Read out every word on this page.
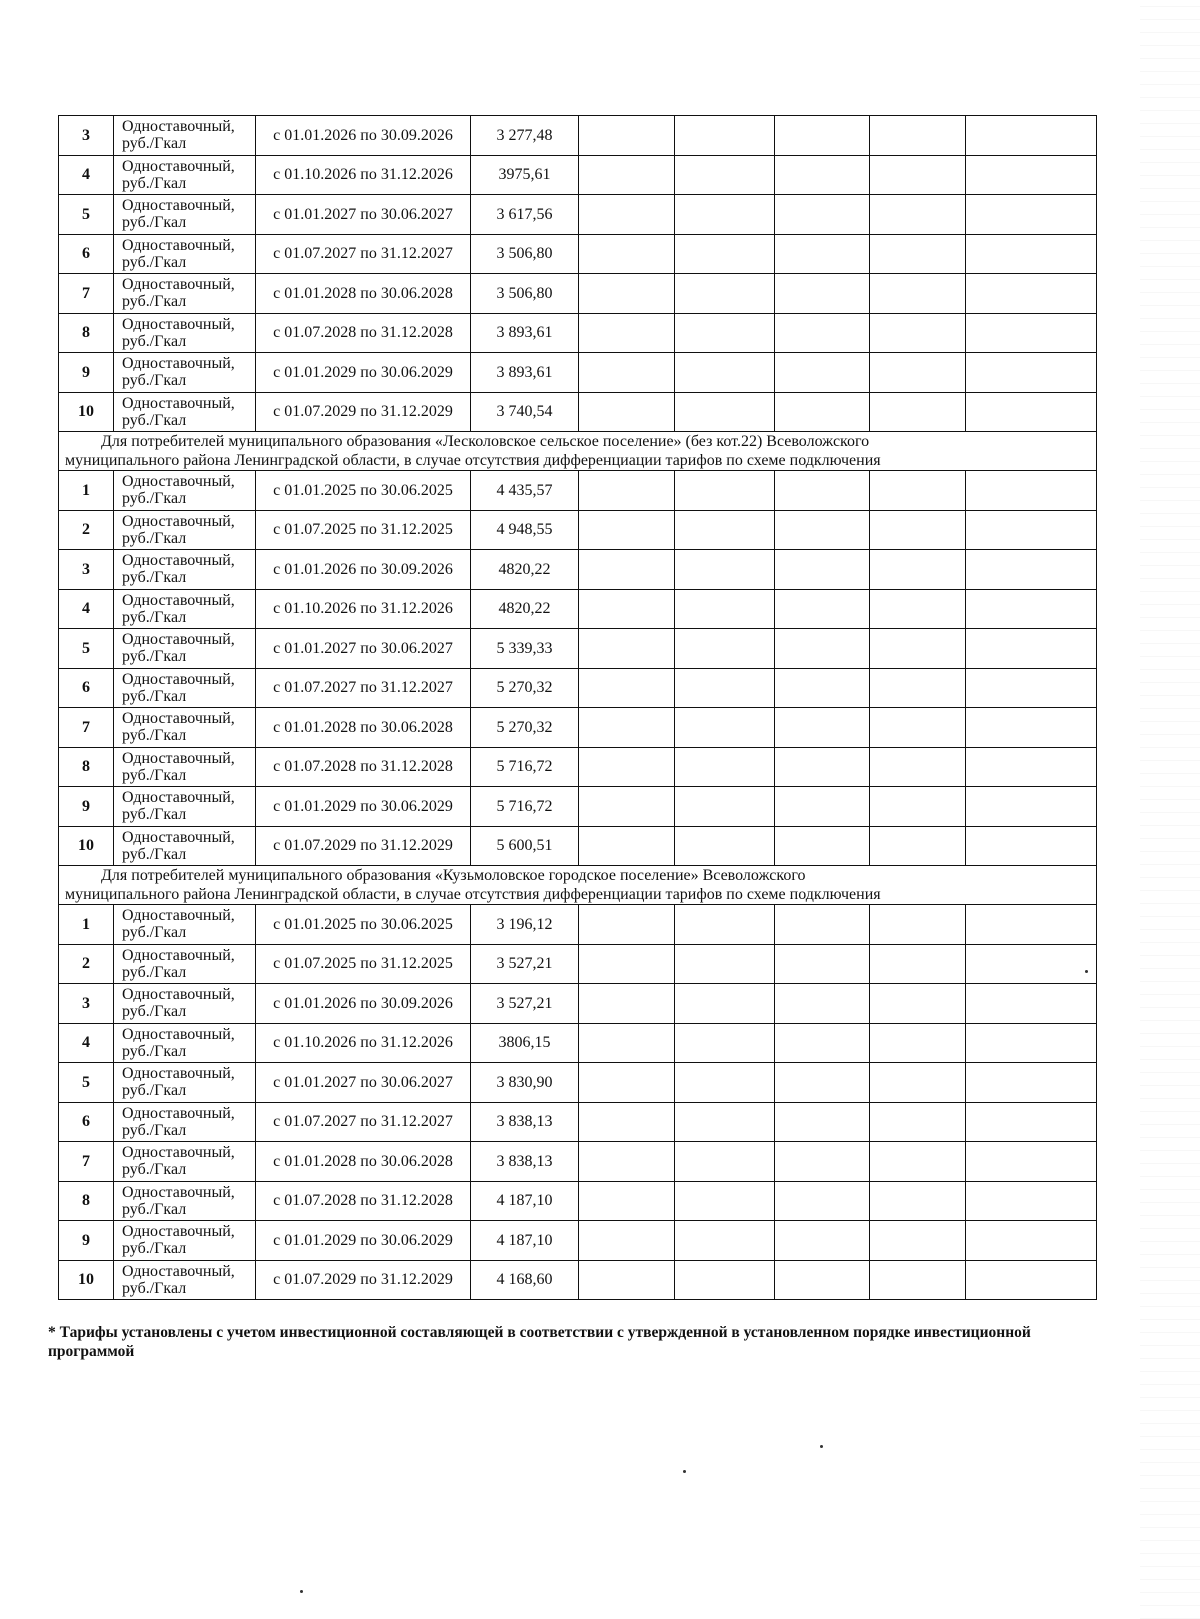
3	Одноставочный, руб./Гкал	с 01.01.2026 по 30.09.2026	3 277,48					
4	Одноставочный, руб./Гкал	с 01.10.2026 по 31.12.2026	3975,61					
5	Одноставочный, руб./Гкал	с 01.01.2027 по 30.06.2027	3 617,56					
6	Одноставочный, руб./Гкал	с 01.07.2027 по 31.12.2027	3 506,80					
7	Одноставочный, руб./Гкал	с 01.01.2028 по 30.06.2028	3 506,80					
8	Одноставочный, руб./Гкал	с 01.07.2028 по 31.12.2028	3 893,61					
9	Одноставочный, руб./Гкал	с 01.01.2029 по 30.06.2029	3 893,61					
10	Одноставочный, руб./Гкал	с 01.07.2029 по 31.12.2029	3 740,54					

Для потребителей муниципального образования «Лесколовское сельское поселение» (без кот.22) Всеволожского
муниципального района Ленинградской области, в случае отсутствия дифференциации тарифов по схеме подключения								
1	Одноставочный, руб./Гкал	с 01.01.2025 по 30.06.2025	4 435,57					
2	Одноставочный, руб./Гкал	с 01.07.2025 по 31.12.2025	4 948,55					
3	Одноставочный, руб./Гкал	с 01.01.2026 по 30.09.2026	4820,22					
4	Одноставочный, руб./Гкал	с 01.10.2026 по 31.12.2026	4820,22					
5	Одноставочный, руб./Гкал	с 01.01.2027 по 30.06.2027	5 339,33					
6	Одноставочный, руб./Гкал	с 01.07.2027 по 31.12.2027	5 270,32					
7	Одноставочный, руб./Гкал	с 01.01.2028 по 30.06.2028	5 270,32					
8	Одноставочный, руб./Гкал	с 01.07.2028 по 31.12.2028	5 716,72					
9	Одноставочный, руб./Гкал	с 01.01.2029 по 30.06.2029	5 716,72					
10	Одноставочный, руб./Гкал	с 01.07.2029 по 31.12.2029	5 600,51					

Для потребителей муниципального образования «Кузьмоловское городское поселение» Всеволожского
муниципального района Ленинградской области, в случае отсутствия дифференциации тарифов по схеме подключения								
1	Одноставочный, руб./Гкал	с 01.01.2025 по 30.06.2025	3 196,12					
2	Одноставочный, руб./Гкал	с 01.07.2025 по 31.12.2025	3 527,21					
3	Одноставочный, руб./Гкал	с 01.01.2026 по 30.09.2026	3 527,21					
4	Одноставочный, руб./Гкал	с 01.10.2026 по 31.12.2026	3806,15					
5	Одноставочный, руб./Гкал	с 01.01.2027 по 30.06.2027	3 830,90					
6	Одноставочный, руб./Гкал	с 01.07.2027 по 31.12.2027	3 838,13					
7	Одноставочный, руб./Гкал	с 01.01.2028 по 30.06.2028	3 838,13					
8	Одноставочный, руб./Гкал	с 01.07.2028 по 31.12.2028	4 187,10					
9	Одноставочный, руб./Гкал	с 01.01.2029 по 30.06.2029	4 187,10					
10	Одноставочный, руб./Гкал	с 01.07.2029 по 31.12.2029	4 168,60					
* Тарифы установлены с учетом инвестиционной составляющей в соответствии с утвержденной в установленном порядке инвестиционной программой
